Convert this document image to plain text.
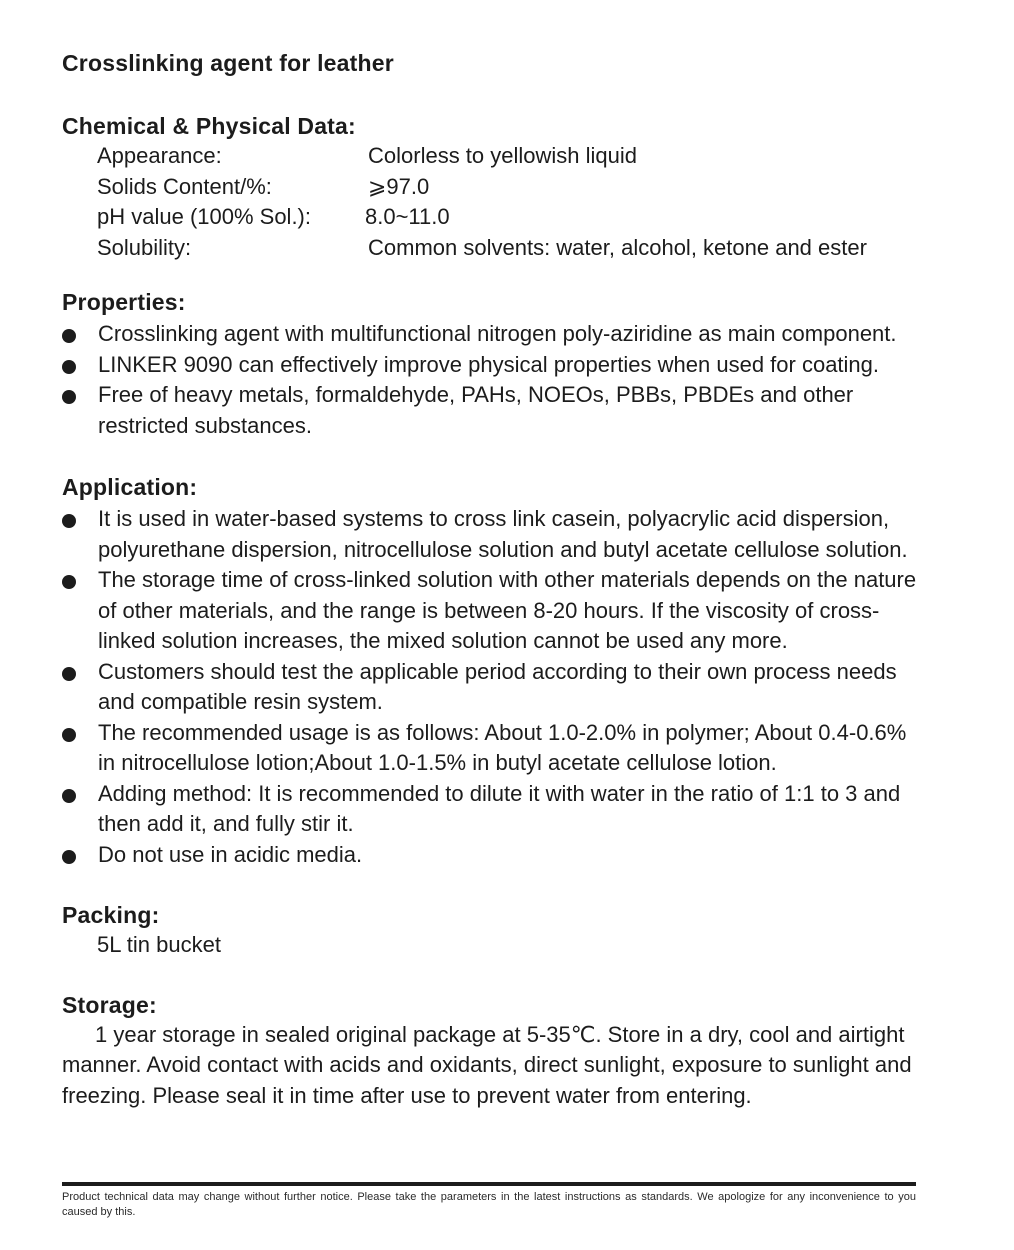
Crosslinking agent for leather
Chemical & Physical Data:
Appearance:	Colorless to yellowish liquid
Solids Content/%:	⩾97.0
pH value (100% Sol.):	8.0~11.0
Solubility:	Common solvents: water, alcohol, ketone and ester
Properties:
Crosslinking agent with multifunctional nitrogen poly-aziridine as main component.
LINKER 9090 can effectively improve physical properties when used for coating.
Free of heavy metals, formaldehyde, PAHs, NOEOs, PBBs, PBDEs and other restricted substances.
Application:
It is used in water-based systems to cross link casein, polyacrylic acid dispersion, polyurethane dispersion, nitrocellulose solution and butyl acetate cellulose solution.
The storage time of cross-linked solution with other materials depends on the nature of other materials, and the range is between 8-20 hours. If the viscosity of cross-linked solution increases, the mixed solution cannot be used any more.
Customers should test the applicable period according to their own process needs and compatible resin system.
The recommended usage is as follows: About 1.0-2.0% in polymer; About 0.4-0.6% in nitrocellulose lotion;About 1.0-1.5% in butyl acetate cellulose lotion.
Adding method: It is recommended to dilute it with water in the ratio of 1:1 to 3 and then add it, and fully stir it.
Do not use in acidic media.
Packing:
5L tin bucket
Storage:
1 year storage in sealed original package at 5-35℃. Store in a dry, cool and airtight manner. Avoid contact with acids and oxidants, direct sunlight, exposure to sunlight and freezing. Please seal it in time after use to prevent water from entering.
Product technical data may change without further notice. Please take the parameters in the latest instructions as standards. We apologize for any inconvenience to you caused by this.
